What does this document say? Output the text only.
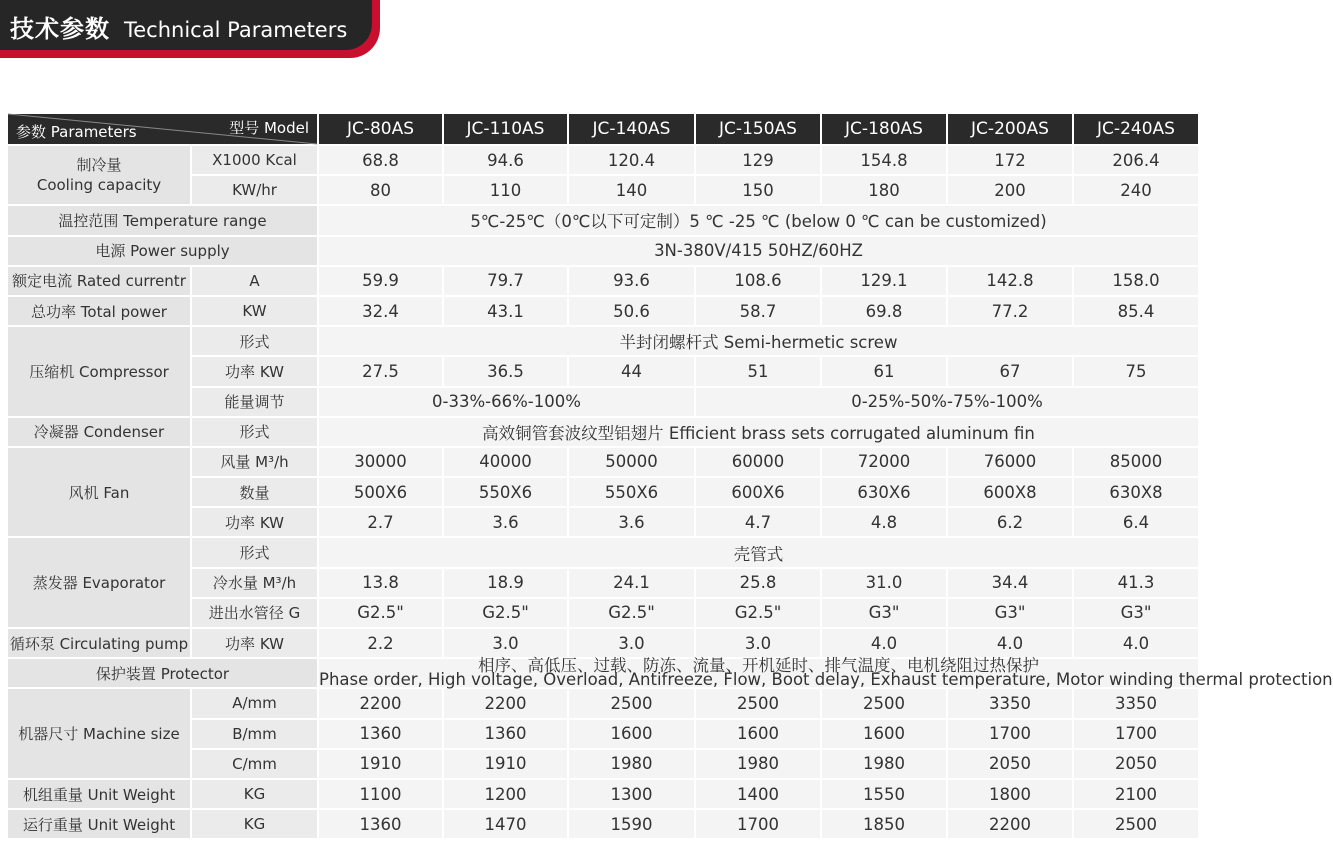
技术参数 Technical Parameters
型号 Model
参数 Parameters		JC-80AS	JC-110AS	JC-140AS	JC-150AS	JC-180AS	JC-200AS	JC-240AS
制冷量
Cooling capacity	X1000 Kcal	68.8	94.6	120.4	129	154.8	172	206.4
	KW/hr	80	110	140	150	180	200	240
温控范围 Temperature range		5℃-25℃（0℃以下可定制）5 ℃ -25 ℃ (below 0 ℃ can be customized)						
电源 Power supply		3N-380V/415 50HZ/60HZ						
额定电流 Rated currentr	A	59.9	79.7	93.6	108.6	129.1	142.8	158.0
总功率 Total power	KW	32.4	43.1	50.6	58.7	69.8	77.2	85.4
压缩机 Compressor	形式	半封闭螺杆式 Semi-hermetic screw						
	功率 KW	27.5	36.5	44	51	61	67	75
	能量调节	0-33%-66%-100%			0-25%-50%-75%-100%			
冷凝器 Condenser	形式	高效铜管套波纹型铝翅片 Efficient brass sets corrugated aluminum fin						
风机 Fan	风量 M³/h	30000	40000	50000	60000	72000	76000	85000
	数量	500X6	550X6	550X6	600X6	630X6	600X8	630X8
	功率 KW	2.7	3.6	3.6	4.7	4.8	6.2	6.4
蒸发器 Evaporator	形式	壳管式						
	冷水量 M³/h	13.8	18.9	24.1	25.8	31.0	34.4	41.3
	进出水管径 G	G2.5"	G2.5"	G2.5"	G2.5"	G3"	G3"	G3"
循环泵 Circulating pump	功率 KW	2.2	3.0	3.0	3.0	4.0	4.0	4.0
保护装置 Protector		相序、高低压、过载、防冻、流量、开机延时、排气温度、电机绕阻过热保护
Phase order, High voltage, Overload, Antifreeze, Flow, Boot delay, Exhaust temperature, Motor winding thermal protection						
机器尺寸 Machine size	A/mm	2200	2200	2500	2500	2500	3350	3350
	B/mm	1360	1360	1600	1600	1600	1700	1700
	C/mm	1910	1910	1980	1980	1980	2050	2050
机组重量 Unit Weight	KG	1100	1200	1300	1400	1550	1800	2100
运行重量 Unit Weight	KG	1360	1470	1590	1700	1850	2200	2500
